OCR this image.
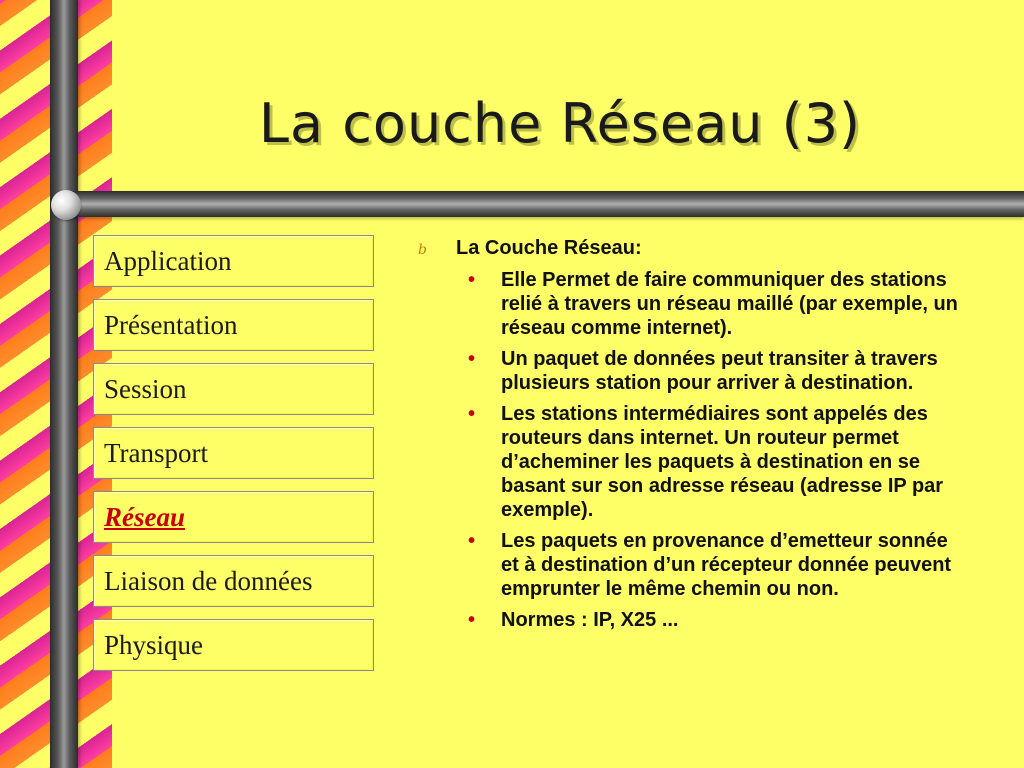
La couche Réseau (3)
Application
Présentation
Session
Transport
Réseau
Liaison de données
Physique
b	La Couche Réseau:
•	Elle Permet de faire communiquer des stations relié à travers un réseau maillé (par exemple, un réseau comme internet).
•	Un paquet de données peut transiter à travers plusieurs station pour arriver à destination.
•	Les stations intermédiaires sont appelés des routeurs dans internet. Un routeur permet d’acheminer les paquets à destination en se basant sur son adresse réseau (adresse IP par exemple).
•	Les paquets en provenance d’emetteur sonnée et à destination d’un récepteur donnée peuvent emprunter le même chemin ou non.
•	Normes : IP, X25 ...
